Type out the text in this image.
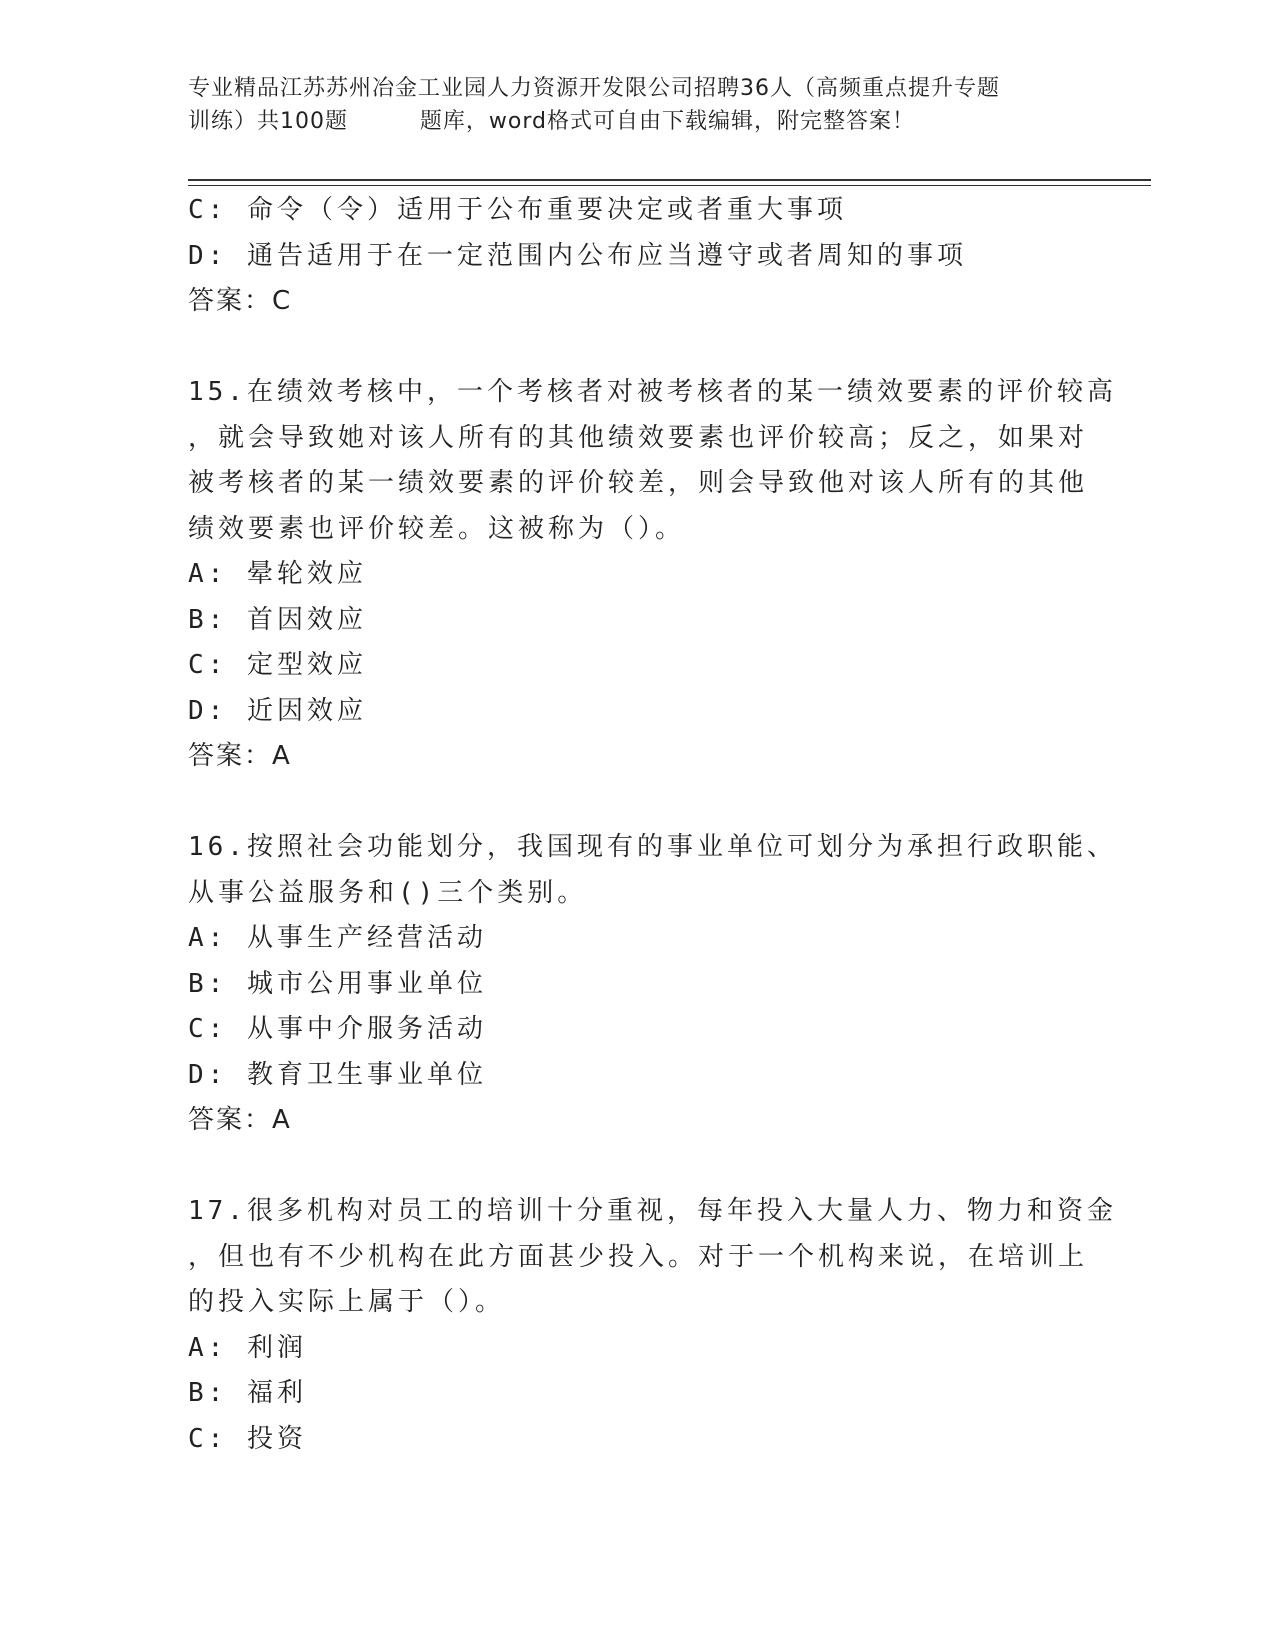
专业精品江苏苏州冶金工业园人力资源开发限公司招聘36人（高频重点提升专题
训练）共100题         题库，word格式可自由下载编辑，附完整答案！
C: 命令（令）适用于公布重要决定或者重大事项
D: 通告适用于在一定范围内公布应当遵守或者周知的事项
答案：C
15.在绩效考核中，一个考核者对被考核者的某一绩效要素的评价较高
，就会导致她对该人所有的其他绩效要素也评价较高；反之，如果对
被考核者的某一绩效要素的评价较差，则会导致他对该人所有的其他
绩效要素也评价较差。这被称为（）。
A: 晕轮效应
B: 首因效应
C: 定型效应
D: 近因效应
答案：A
16.按照社会功能划分，我国现有的事业单位可划分为承担行政职能、
从事公益服务和()三个类别。
A: 从事生产经营活动
B: 城市公用事业单位
C: 从事中介服务活动
D: 教育卫生事业单位
答案：A
17.很多机构对员工的培训十分重视，每年投入大量人力、物力和资金
，但也有不少机构在此方面甚少投入。对于一个机构来说，在培训上
的投入实际上属于（）。
A: 利润
B: 福利
C: 投资
